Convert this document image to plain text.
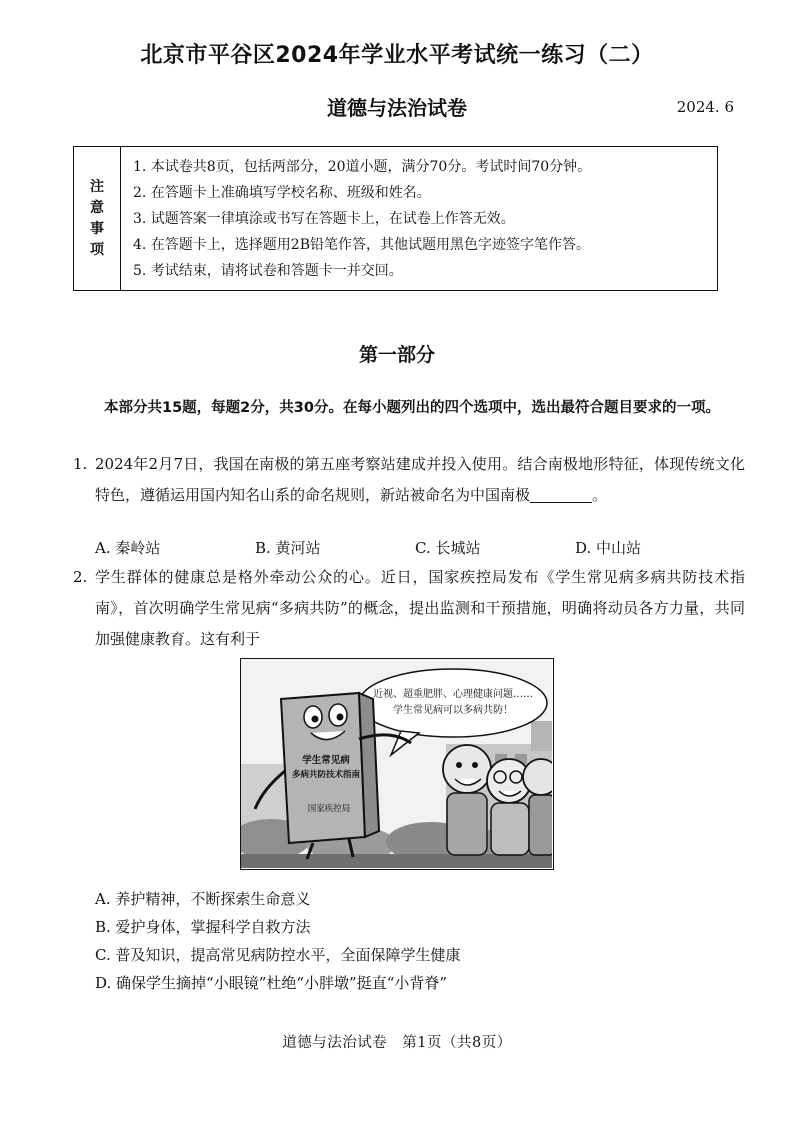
北京市平谷区2024年学业水平考试统一练习（二）
道德与法治试卷	2024. 6
注
意
事
项
1. 本试卷共8页，包括两部分，20道小题，满分70分。考试时间70分钟。
2. 在答题卡上准确填写学校名称、班级和姓名。
3. 试题答案一律填涂或书写在答题卡上，在试卷上作答无效。
4. 在答题卡上，选择题用2B铅笔作答，其他试题用黑色字迹签字笔作答。
5. 考试结束，请将试卷和答题卡一并交回。
第一部分
本部分共15题，每题2分，共30分。在每小题列出的四个选项中，选出最符合题目要求的一项。
1. 2024年2月7日，我国在南极的第五座考察站建成并投入使用。结合南极地形特征，体现传统文化特色，遵循运用国内知名山系的命名规则，新站被命名为中国南极	。
A. 秦岭站	B. 黄河站	C. 长城站	D. 中山站
2. 学生群体的健康总是格外牵动公众的心。近日，国家疾控局发布《学生常见病多病共防技术指南》，首次明确学生常见病“多病共防”的概念，提出监测和干预措施，明确将动员各方力量，共同加强健康教育。这有利于
近视、超重肥胖、心理健康问题……
学生常见病可以多病共防！
学生常见病
多病共防技术指南
国家疾控局
A. 养护精神，不断探索生命意义
B. 爱护身体，掌握科学自救方法
C. 普及知识，提高常见病防控水平，全面保障学生健康
D. 确保学生摘掉“小眼镜”杜绝“小胖墩”挺直“小背脊”
道德与法治试卷　第1页（共8页）
